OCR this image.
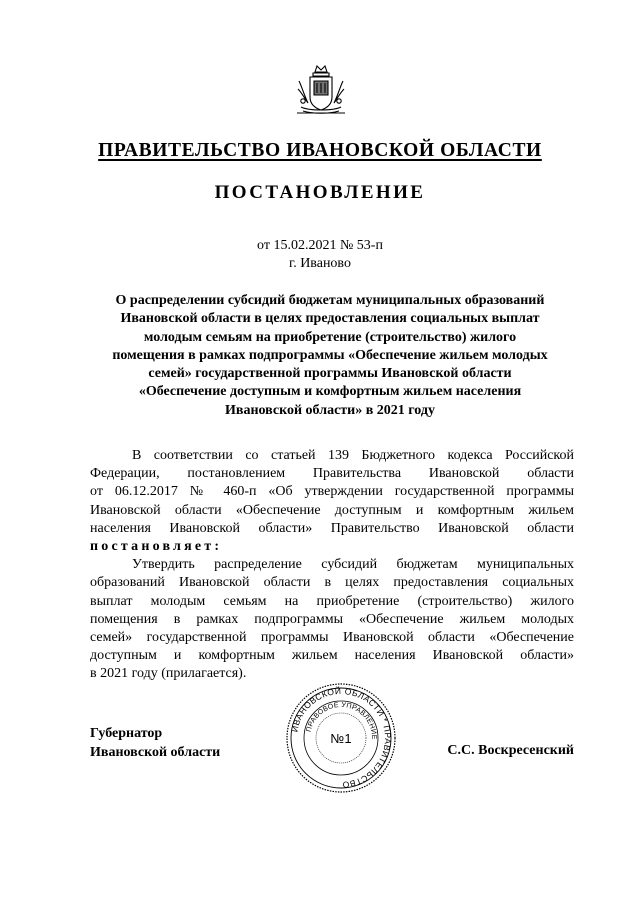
ПРАВИТЕЛЬСТВО ИВАНОВСКОЙ ОБЛАСТИ
ПОСТАНОВЛЕНИЕ
от 15.02.2021 № 53-п
г. Иваново
О распределении субсидий бюджетам муниципальных образований
Ивановской области в целях предоставления социальных выплат
молодым семьям на приобретение (строительство) жилого
помещения в рамках подпрограммы «Обеспечение жильем молодых
семей» государственной программы Ивановской области
«Обеспечение доступным и комфортным жильем населения
Ивановской области» в 2021 году
В соответствии со статьей 139 Бюджетного кодекса Российской
Федерации, постановлением Правительства Ивановской области
от 06.12.2017 № 460-п «Об утверждении государственной программы
Ивановской области «Обеспечение доступным и комфортным жильем
населения Ивановской области» Правительство Ивановской области
постановляет:
Утвердить распределение субсидий бюджетам муниципальных
образований Ивановской области в целях предоставления социальных
выплат молодым семьям на приобретение (строительство) жилого
помещения в рамках подпрограммы «Обеспечение жильем молодых
семей» государственной программы Ивановской области «Обеспечение
доступным и комфортным жильем населения Ивановской области»
в 2021 году (прилагается).
Губернатор
Ивановской области	С.С. Воскресенский
ИВАНОВСКОЙ ОБЛАСТИ * ПРАВИТЕЛЬСТВО
ПРАВОВОЕ УПРАВЛЕНИЕ
№1
